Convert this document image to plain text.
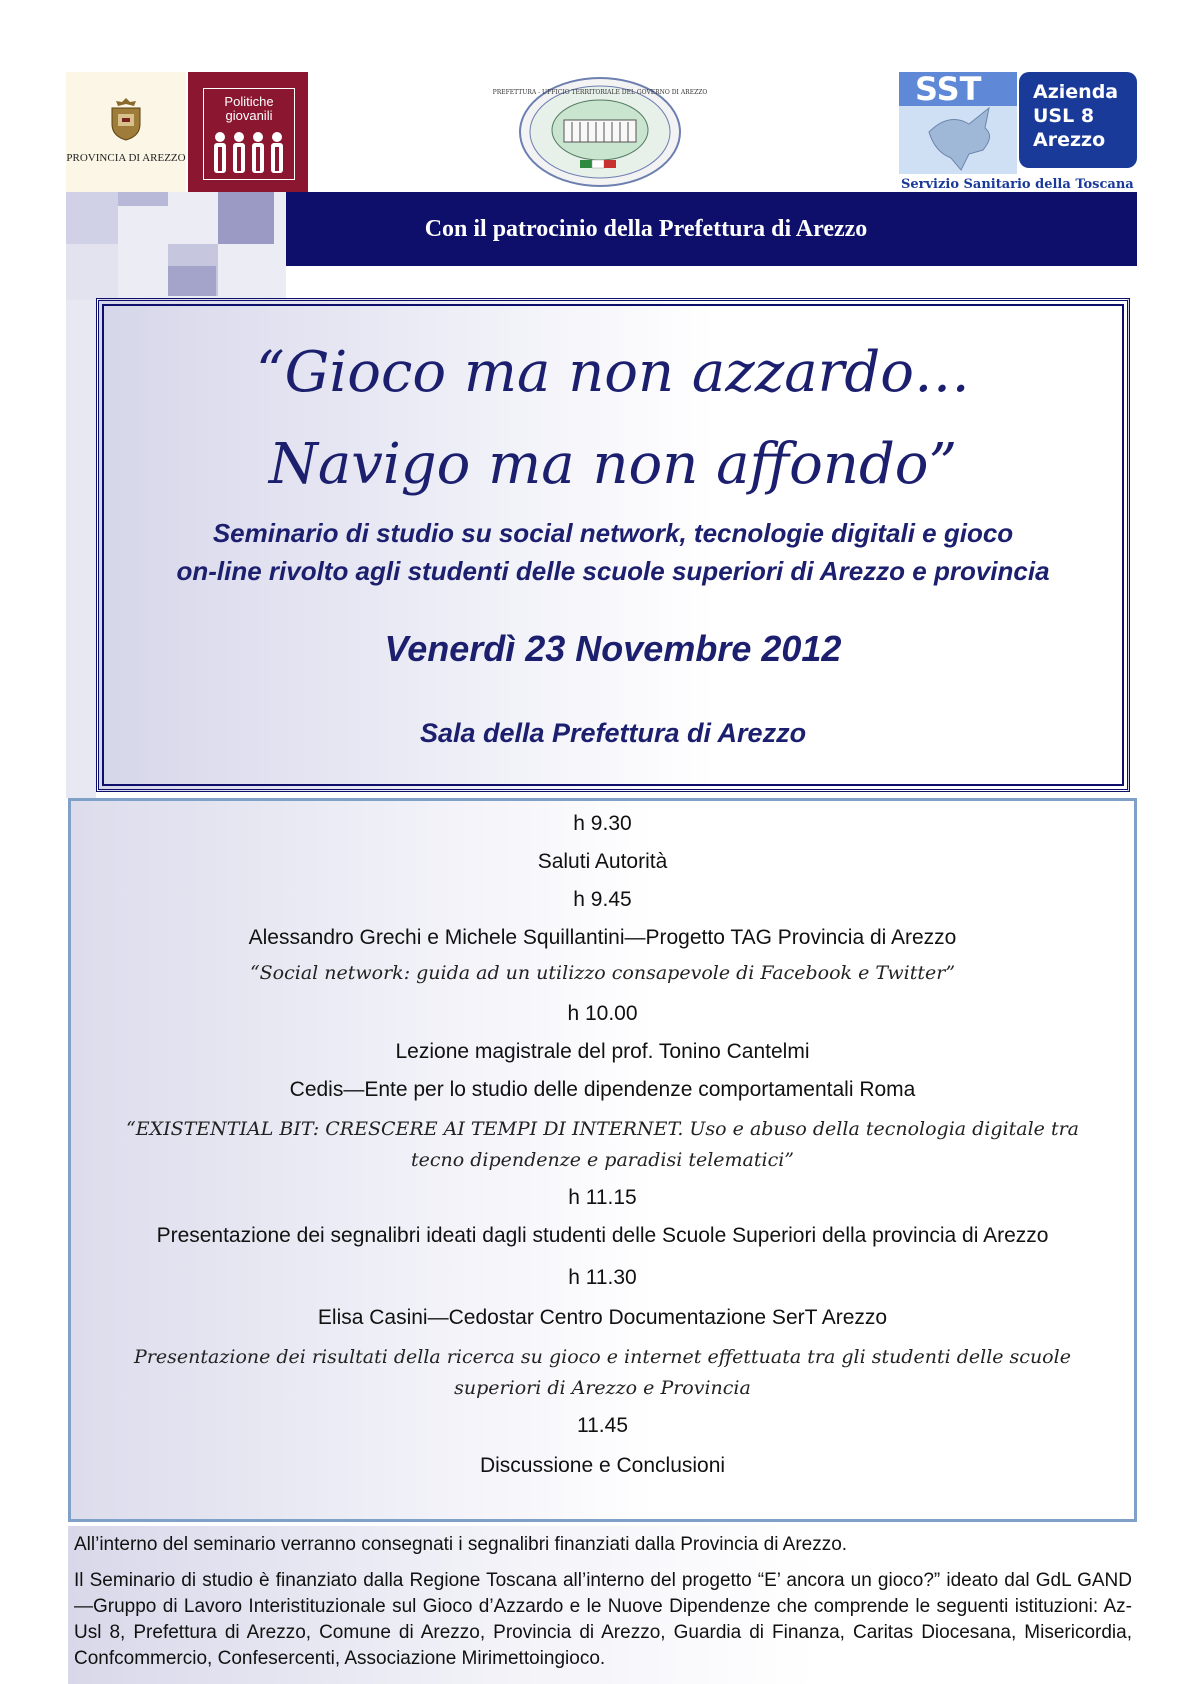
PROVINCIA DI AREZZO
Politiche giovanili
PREFETTURA - UFFICIO TERRITORIALE DEL GOVERNO DI AREZZO	SST	Azienda
USL 8
Arezzo
Servizio Sanitario della Toscana
Con il patrocinio della Prefettura di Arezzo
“Gioco ma non azzardo…
Navigo ma non affondo”
Seminario di studio su social network, tecnologie digitali e gioco
on-line rivolto agli studenti delle scuole superiori di Arezzo e provincia
Venerdì 23 Novembre 2012
Sala della Prefettura di Arezzo
h 9.30
Saluti Autorità
h 9.45
Alessandro Grechi e Michele Squillantini—Progetto TAG Provincia di Arezzo
“Social network: guida ad un utilizzo consapevole di Facebook e Twitter”
h 10.00
Lezione magistrale del prof. Tonino Cantelmi
Cedis—Ente per lo studio delle dipendenze comportamentali Roma
“EXISTENTIAL BIT: CRESCERE AI TEMPI DI INTERNET. Uso e abuso della tecnologia digitale tra
tecno dipendenze e paradisi telematici”
h 11.15
Presentazione dei segnalibri ideati dagli studenti delle Scuole Superiori della provincia di Arezzo
h 11.30
Elisa Casini—Cedostar Centro Documentazione SerT Arezzo
Presentazione dei risultati della ricerca su gioco e internet effettuata tra gli studenti delle scuole
superiori di Arezzo e Provincia
11.45
Discussione e Conclusioni
All’interno del seminario verranno consegnati i segnalibri finanziati dalla Provincia di Arezzo.
Il Seminario di studio è finanziato dalla Regione Toscana all’interno del progetto “E’ ancora un gioco?” ideato dal GdL GAND—Gruppo di Lavoro Interistituzionale sul Gioco d’Azzardo e le Nuove Dipendenze che comprende le seguenti istituzioni: Az-Usl 8, Prefettura di Arezzo, Comune di Arezzo, Provincia di Arezzo, Guardia di Finanza, Caritas Diocesana, Misericordia, Confcommercio, Confesercenti, Associazione Mirimettoingioco.
